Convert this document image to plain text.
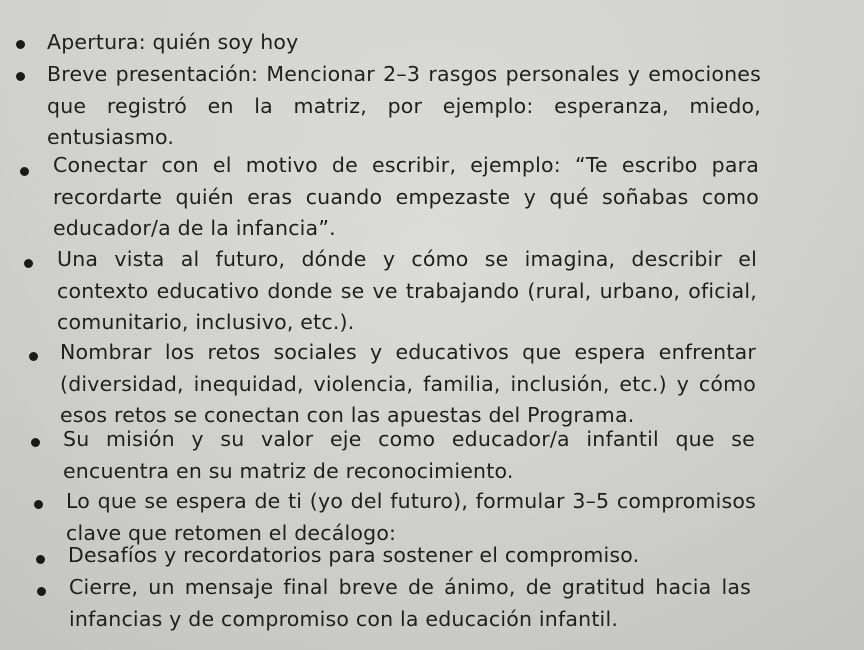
Apertura: quién soy hoy
Breve presentación: Mencionar 2–3 rasgos personales y emociones que registró en la matriz, por ejemplo: esperanza, miedo, entusiasmo.
Conectar con el motivo de escribir, ejemplo: “Te escribo para recordarte quién eras cuando empezaste y qué soñabas como educador/a de la infancia”.
Una vista al futuro, dónde y cómo se imagina, describir el contexto educativo donde se ve trabajando (rural, urbano, oficial, comunitario, inclusivo, etc.).
Nombrar los retos sociales y educativos que espera enfrentar (diversidad, inequidad, violencia, familia, inclusión, etc.) y cómo esos retos se conectan con las apuestas del Programa.
Su misión y su valor eje como educador/a infantil que se encuentra en su matriz de reconocimiento.
Lo que se espera de ti (yo del futuro), formular 3–5 compromisos clave que retomen el decálogo:
Desafíos y recordatorios para sostener el compromiso.
Cierre, un mensaje final breve de ánimo, de gratitud hacia las infancias y de compromiso con la educación infantil.
